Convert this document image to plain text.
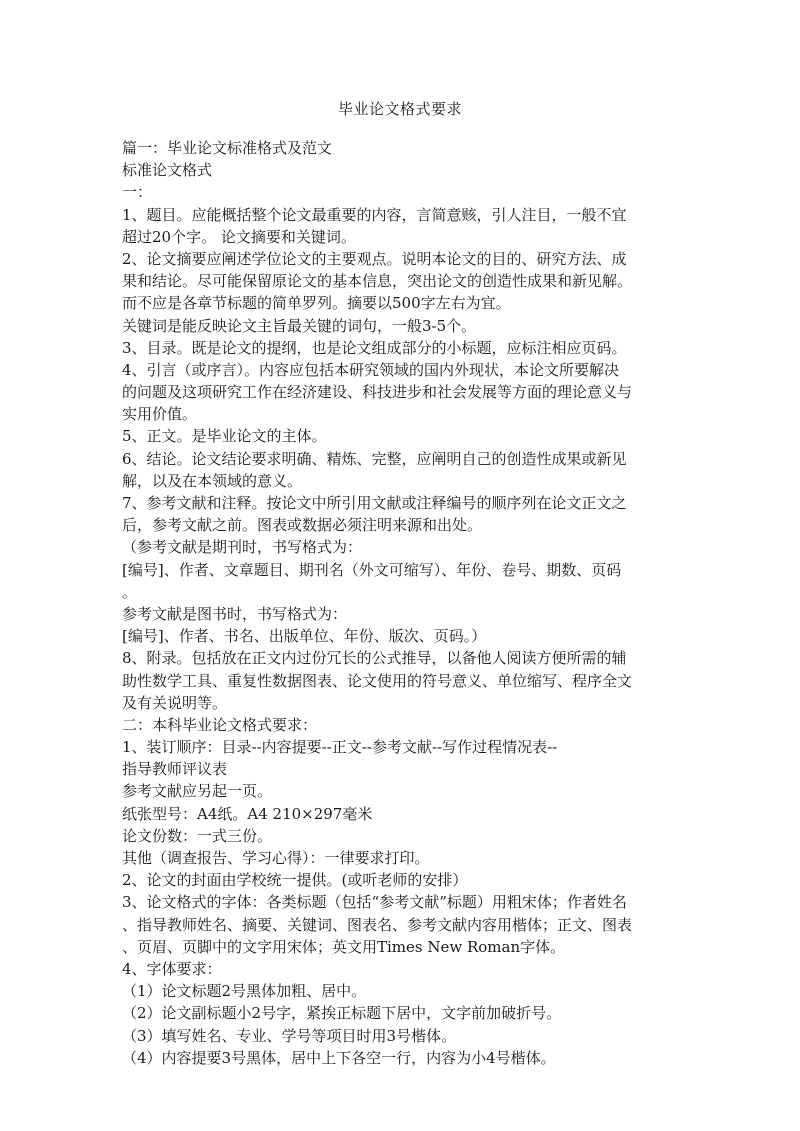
毕业论文格式要求
篇一：毕业论文标准格式及范文
标准论文格式
一：
1、题目。应能概括整个论文最重要的内容，言简意赅，引人注目，一般不宜
超过20个字。 论文摘要和关键词。
2、论文摘要应阐述学位论文的主要观点。说明本论文的目的、研究方法、成
果和结论。尽可能保留原论文的基本信息，突出论文的创造性成果和新见解。
而不应是各章节标题的简单罗列。摘要以500字左右为宜。
关键词是能反映论文主旨最关键的词句，一般3-5个。
3、目录。既是论文的提纲，也是论文组成部分的小标题，应标注相应页码。
4、引言（或序言）。内容应包括本研究领域的国内外现状，本论文所要解决
的问题及这项研究工作在经济建设、科技进步和社会发展等方面的理论意义与
实用价值。
5、正文。是毕业论文的主体。
6、结论。论文结论要求明确、精炼、完整，应阐明自己的创造性成果或新见
解，以及在本领域的意义。
7、参考文献和注释。按论文中所引用文献或注释编号的顺序列在论文正文之
后，参考文献之前。图表或数据必须注明来源和出处。
（参考文献是期刊时，书写格式为：
[编号]、作者、文章题目、期刊名（外文可缩写）、年份、卷号、期数、页码
。
参考文献是图书时，书写格式为：
[编号]、作者、书名、出版单位、年份、版次、页码。）
8、附录。包括放在正文内过份冗长的公式推导，以备他人阅读方便所需的辅
助性数学工具、重复性数据图表、论文使用的符号意义、单位缩写、程序全文
及有关说明等。
二：本科毕业论文格式要求：
1、装订顺序：目录--内容提要--正文--参考文献--写作过程情况表--
指导教师评议表
参考文献应另起一页。
纸张型号：A4纸。A4 210×297毫米
论文份数：一式三份。
其他（调查报告、学习心得）：一律要求打印。
2、论文的封面由学校统一提供。(或听老师的安排）
3、论文格式的字体：各类标题（包括“参考文献”标题）用粗宋体；作者姓名
、指导教师姓名、摘要、关键词、图表名、参考文献内容用楷体；正文、图表
、页眉、页脚中的文字用宋体；英文用Times New Roman字体。
4、字体要求：
（1）论文标题2号黑体加粗、居中。
（2）论文副标题小2号字，紧挨正标题下居中，文字前加破折号。
（3）填写姓名、专业、学号等项目时用3号楷体。
（4）内容提要3号黑体，居中上下各空一行，内容为小4号楷体。
